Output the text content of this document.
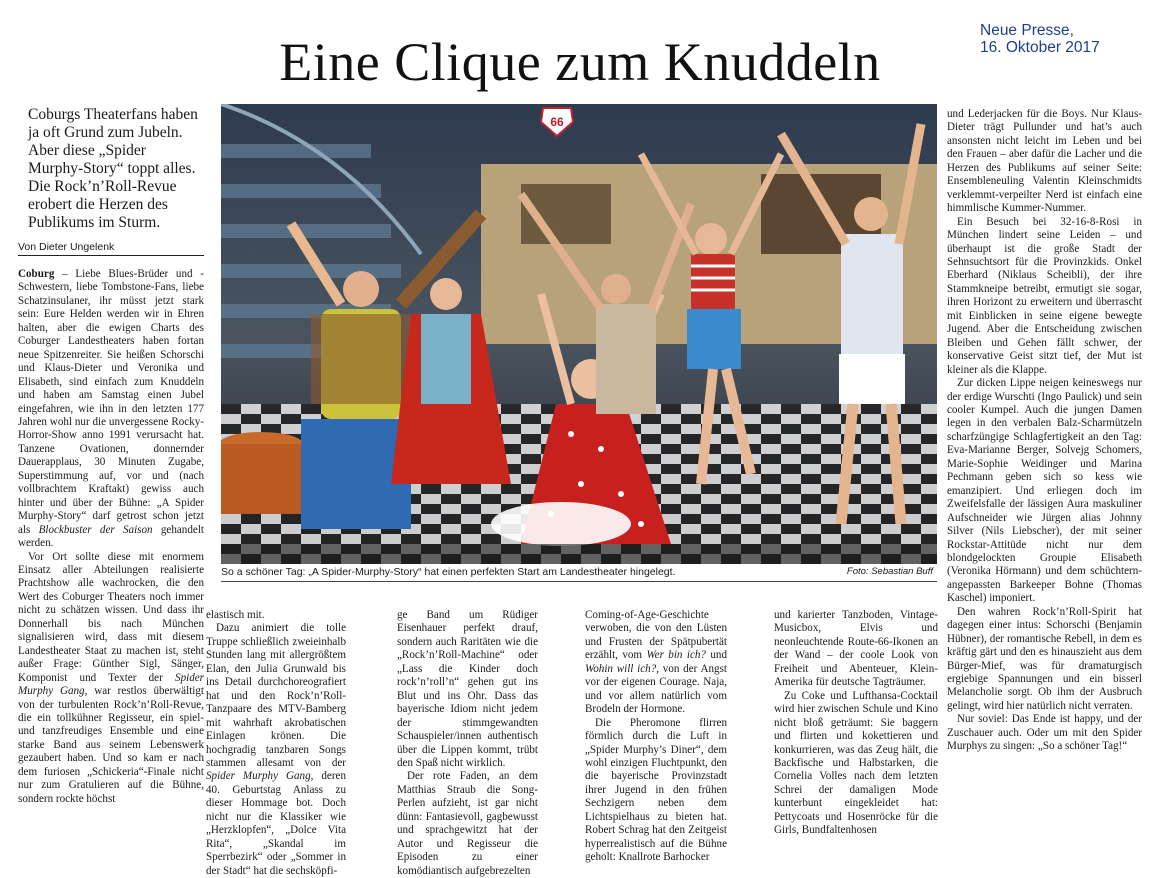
Neue Presse,
16. Oktober 2017
Eine Clique zum Knuddeln
Coburgs Theaterfans haben ja oft Grund zum Jubeln. Aber diese „Spider Murphy-Story“ toppt alles. Die Rock’n’Roll-Revue erobert die Herzen des Publikums im Sturm.
Von Dieter Ungelenk

Coburg – Liebe Blues-Brüder und -Schwestern, liebe Tombstone-Fans, liebe Schatzinsulaner, ihr müsst jetzt stark sein: Eure Helden werden wir in Ehren halten, aber die ewigen Charts des Coburger Landestheaters haben fortan neue Spitzenreiter. Sie heißen Schorschi und Klaus-Dieter und Veronika und Elisabeth, sind einfach zum Knuddeln und haben am Samstag einen Jubel eingefahren, wie ihn in den letzten 177 Jahren wohl nur die unvergessene Rocky-Horror-Show anno 1991 verursacht hat. Tanzene Ovationen, donnernder Dauerapplaus, 30 Minuten Zugabe, Superstimmung auf, vor und (nach vollbrachtem Kraftakt) gewiss auch hinter und über der Bühne: „A Spider Murphy-Story“ darf getrost schon jetzt als Blockbuster der Saison gehandelt werden.

Vor Ort sollte diese mit enormem Einsatz aller Abteilungen realisierte Prachtshow alle wachrocken, die den Wert des Coburger Theaters noch immer nicht zu schätzen wissen. Und dass ihr Donnerhall bis nach München signalisieren wird, dass mit diesem Landestheater Staat zu machen ist, steht außer Frage: Günther Sigl, Sänger, Komponist und Texter der Spider Murphy Gang, war restlos überwältigt von der turbulenten Rock’n’Roll-Revue, die ein tollkühner Regisseur, ein spiel- und tanzfreudiges Ensemble und eine starke Band aus seinem Lebenswerk gezaubert haben. Und so kam er nach dem furiosen „Schickeria“-Finale nicht nur zum Gratulieren auf die Bühne, sondern rockte höchst

66
So a schöner Tag: „A Spider-Murphy-Story“ hat einen perfekten Start am Landestheater hingelegt.	Foto: Sebastian Buff

elastisch mit.

Dazu animiert die tolle Truppe schließlich zweieinhalb Stunden lang mit allergrößtem Elan, den Julia Grunwald bis ins Detail durchchoreografiert hat und den Rock’n’Roll-Tanzpaare des MTV-Bamberg mit wahrhaft akrobatischen Einlagen krönen. Die hochgradig tanzbaren Songs stammen allesamt von der Spider Murphy Gang, deren 40. Geburtstag Anlass zu dieser Hommage bot. Doch nicht nur die Klassiker wie „Herzklopfen“, „Dolce Vita Rita“, „Skandal im Sperrbezirk“ oder „Sommer in der Stadt“ hat die sechsköpfi-

ge Band um Rüdiger Eisenhauer perfekt drauf, sondern auch Raritäten wie die „Rock’n’Roll-Machine“ oder „Lass die Kinder doch rock’n’roll’n“ gehen gut ins Blut und ins Ohr. Dass das bayerische Idiom nicht jedem der stimmgewandten Schauspieler/innen authentisch über die Lippen kommt, trübt den Spaß nicht wirklich.

Der rote Faden, an dem Matthias Straub die Song-Perlen aufzieht, ist gar nicht dünn: Fantasievoll, gagbewusst und sprachgewitzt hat der Autor und Regisseur die Episoden zu einer komödiantisch aufgebrezelten

Coming-of-Age-Geschichte verwoben, die von den Lüsten und Frusten der Spätpubertät erzählt, vom Wer bin ich? und Wohin will ich?, von der Angst vor der eigenen Courage. Naja, und vor allem natürlich vom Brodeln der Hormone.

Die Pheromone flirren förmlich durch die Luft in „Spider Murphy’s Diner“, dem wohl einzigen Fluchtpunkt, den die bayerische Provinzstadt ihrer Jugend in den frühen Sechzigern neben dem Lichtspielhaus zu bieten hat. Robert Schrag hat den Zeitgeist hyperrealistisch auf die Bühne geholt: Knallrote Barhocker

und karierter Tanzboden, Vintage-Musicbox, Elvis und neonleuchtende Route-66-Ikonen an der Wand – der coole Look von Freiheit und Abenteuer, Klein-Amerika für deutsche Tagträumer.

Zu Coke und Lufthansa-Cocktail wird hier zwischen Schule und Kino nicht bloß geträumt: Sie baggern und flirten und kokettieren und konkurrieren, was das Zeug hält, die Backfische und Halbstarken, die Cornelia Volles nach dem letzten Schrei der damaligen Mode kunterbunt eingekleidet hat: Pettycoats und Hosenröcke für die Girls, Bundfaltenhosen

und Lederjacken für die Boys. Nur Klaus-Dieter trägt Pullunder und hat’s auch ansonsten nicht leicht im Leben und bei den Frauen – aber dafür die Lacher und die Herzen des Publikums auf seiner Seite: Ensembleneuling Valentin Kleinschmidts verklemmt-verpeilter Nerd ist einfach eine himmlische Kummer-Nummer.

Ein Besuch bei 32-16-8-Rosi in München lindert seine Leiden – und überhaupt ist die große Stadt der Sehnsuchtsort für die Provinzkids. Onkel Eberhard (Niklaus Scheibli), der ihre Stammkneipe betreibt, ermutigt sie sogar, ihren Horizont zu erweitern und überrascht mit Einblicken in seine eigene bewegte Jugend. Aber die Entscheidung zwischen Bleiben und Gehen fällt schwer, der konservative Geist sitzt tief, der Mut ist kleiner als die Klappe.

Zur dicken Lippe neigen keineswegs nur der erdige Wurschti (Ingo Paulick) und sein cooler Kumpel. Auch die jungen Damen legen in den verbalen Balz-Scharmützeln scharfzüngige Schlagfertigkeit an den Tag: Eva-Marianne Berger, Solvejg Schomers, Marie-Sophie Weidinger und Marina Pechmann geben sich so kess wie emanzipiert. Und erliegen doch im Zweifelsfalle der lässigen Aura maskuliner Aufschneider wie Jürgen alias Johnny Silver (Nils Liebscher), der mit seiner Rockstar-Attitüde nicht nur dem blondgelockten Groupie Elisabeth (Veronika Hörmann) und dem schüchtern-angepassten Barkeeper Bohne (Thomas Kaschel) imponiert.

Den wahren Rock’n’Roll-Spirit hat dagegen einer intus: Schorschi (Benjamin Hübner), der romantische Rebell, in dem es kräftig gärt und den es hinauszieht aus dem Bürger-Mief, was für dramaturgisch ergiebige Spannungen und ein bisserl Melancholie sorgt. Ob ihm der Ausbruch gelingt, wird hier natürlich nicht verraten.

Nur soviel: Das Ende ist happy, und der Zuschauer auch. Oder um mit den Spider Murphys zu singen: „So a schöner Tag!“
